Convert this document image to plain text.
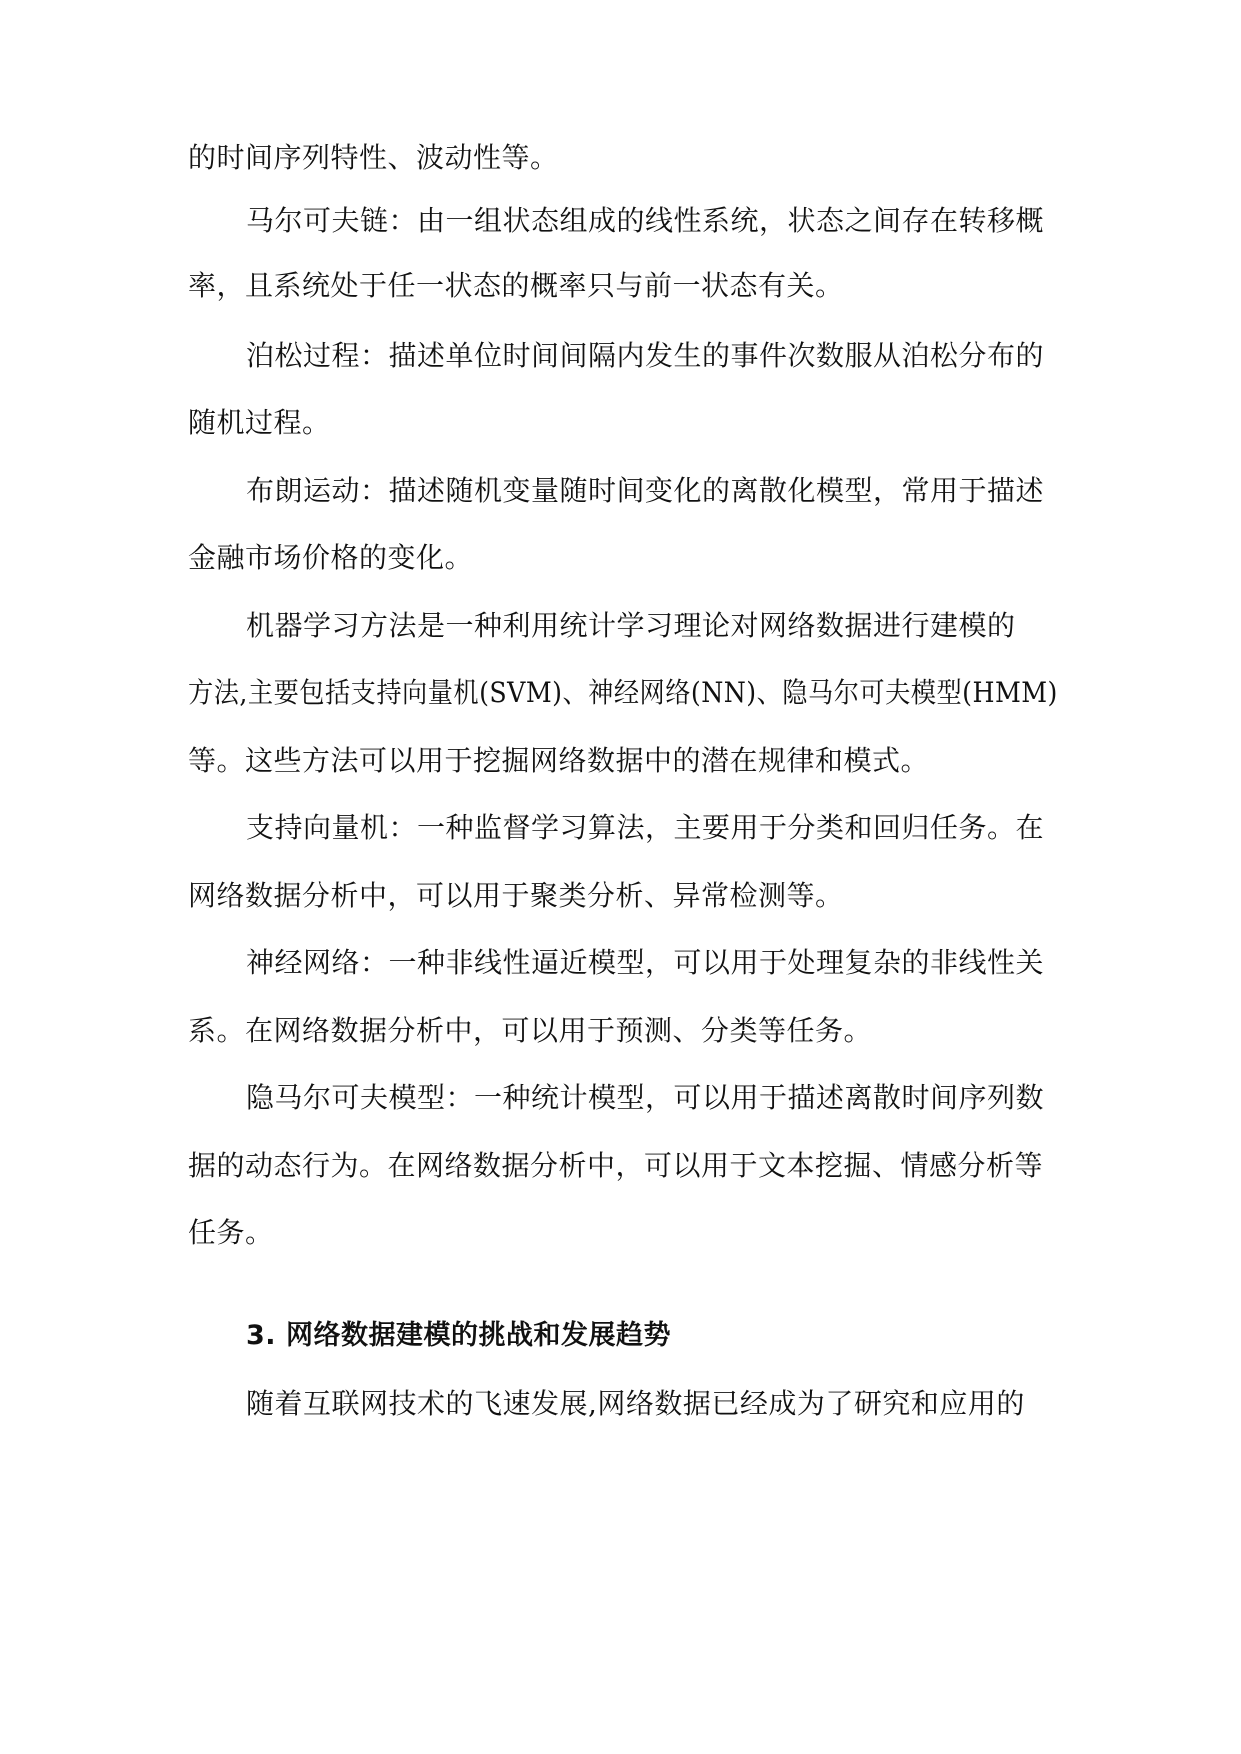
的时间序列特性、波动性等。
马尔可夫链：由一组状态组成的线性系统，状态之间存在转移概
率，且系统处于任一状态的概率只与前一状态有关。
泊松过程：描述单位时间间隔内发生的事件次数服从泊松分布的
随机过程。
布朗运动：描述随机变量随时间变化的离散化模型，常用于描述
金融市场价格的变化。
机器学习方法是一种利用统计学习理论对网络数据进行建模的
方法,主要包括支持向量机(SVM)、神经网络(NN)、隐马尔可夫模型(HMM)
等。这些方法可以用于挖掘网络数据中的潜在规律和模式。
支持向量机：一种监督学习算法，主要用于分类和回归任务。在
网络数据分析中，可以用于聚类分析、异常检测等。
神经网络：一种非线性逼近模型，可以用于处理复杂的非线性关
系。在网络数据分析中，可以用于预测、分类等任务。
隐马尔可夫模型：一种统计模型，可以用于描述离散时间序列数
据的动态行为。在网络数据分析中，可以用于文本挖掘、情感分析等
任务。
3. 网络数据建模的挑战和发展趋势
随着互联网技术的飞速发展,网络数据已经成为了研究和应用的
